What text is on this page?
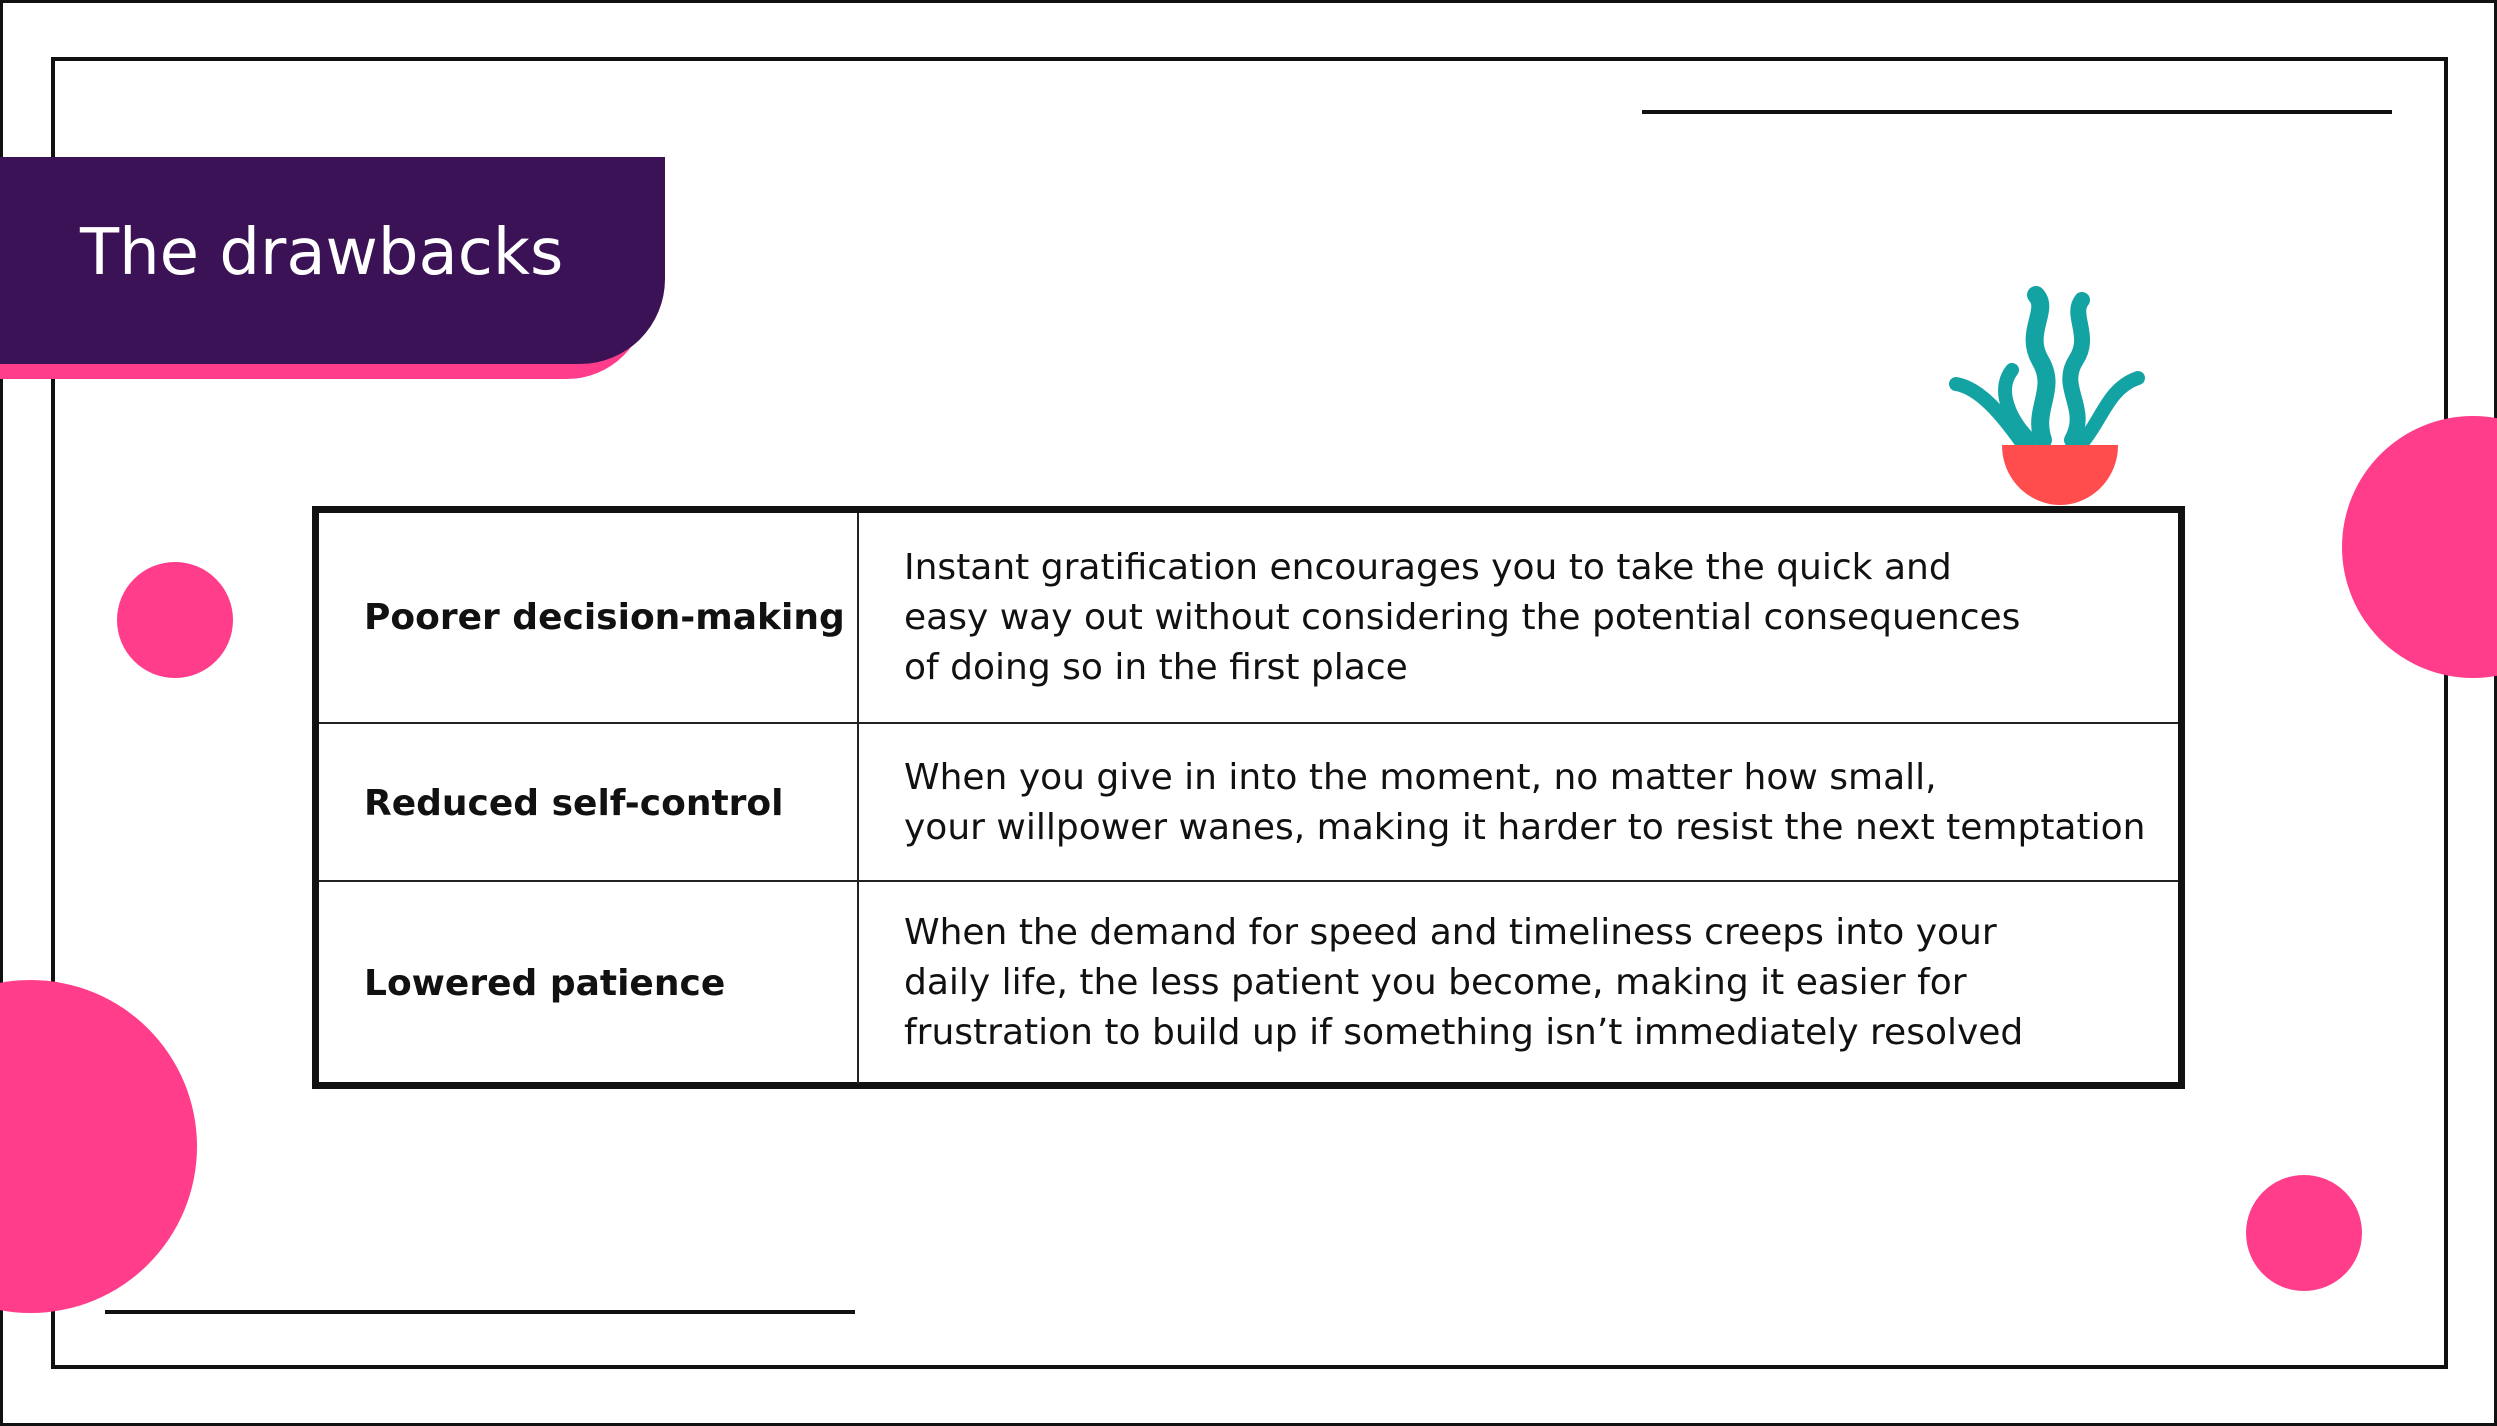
The drawbacks
Poorer decision-making
Instant gratification encourages you to take the quick and
easy way out without considering the potential consequences
of doing so in the first place
Reduced self-control
When you give in into the moment, no matter how small,
your willpower wanes, making it harder to resist the next temptation
Lowered patience
When the demand for speed and timeliness creeps into your
daily life, the less patient you become, making it easier for
frustration to build up if something isn’t immediately resolved
